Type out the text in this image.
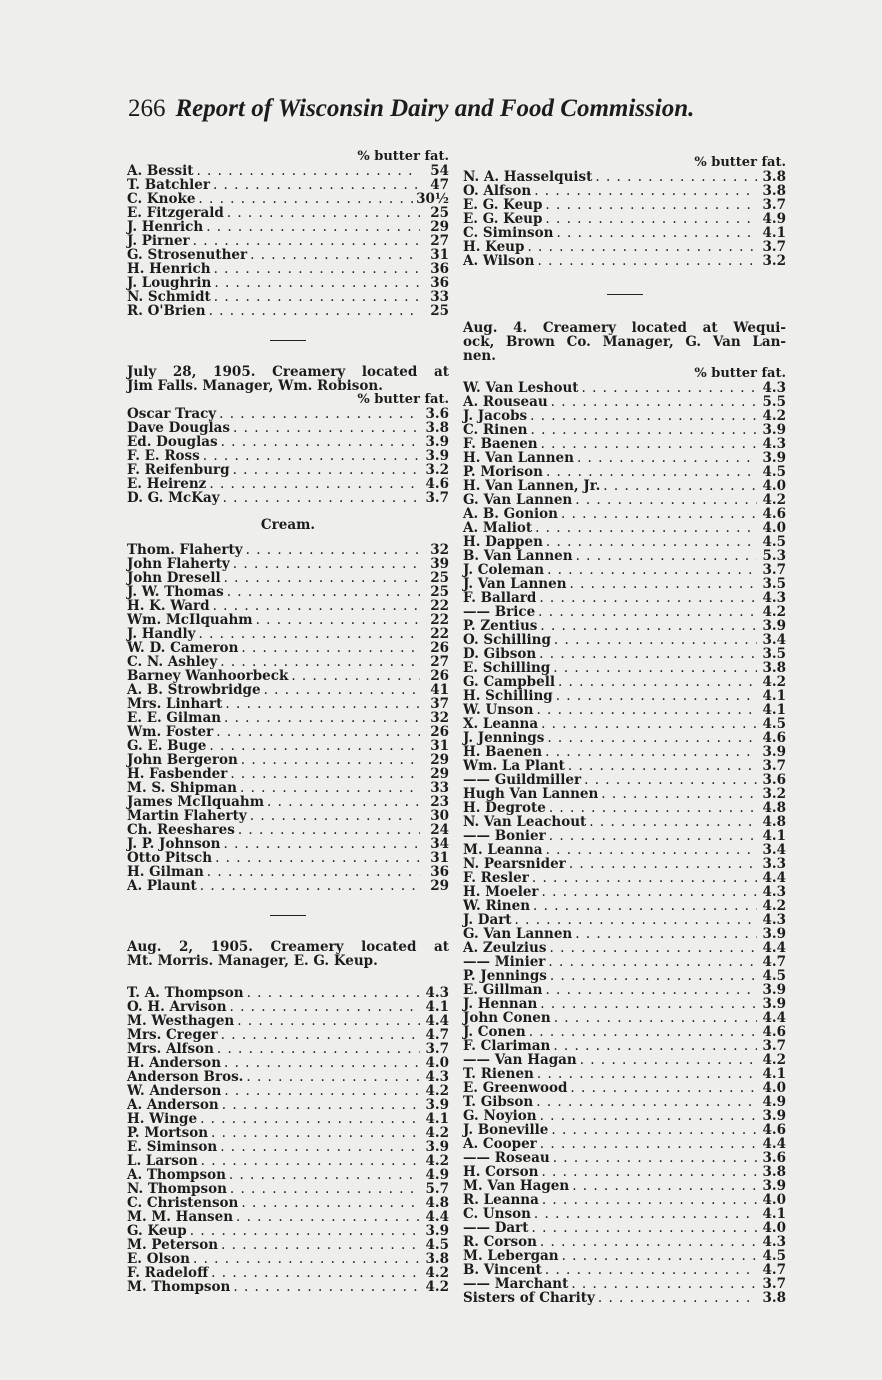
266 Report of Wisconsin Dairy and Food Commission.

% butter fat.

A. Bessit . . .	54
T. Batchler . . .	47
C. Knoke . . .	30½
E. Fitzgerald . . .	25
J. Henrich . . .	29
J. Pirner . . .	27
G. Strosenuther . . .	31
H. Henrich . . .	36
J. Loughrin . . .	36
N. Schmidt . . .	33
R. O'Brien . . .	25

July 28, 1905. Creamery located at

Jim Falls. Manager, Wm. Robison.

% butter fat.

Oscar Tracy . . .	3.6
Dave Douglas . . .	3.8
Ed. Douglas . . .	3.9
F. E. Ross . . .	3.9
F. Reifenburg . . .	3.2
E. Heirenz . . .	4.6
D. G. McKay . . .	3.7

Cream.

Thom. Flaherty . . .	32
John Flaherty . . .	39
John Dresell . . .	25
J. W. Thomas . . .	25
H. K. Ward . . .	22
Wm. McIlquahm . . .	22
J. Handly . . .	22
W. D. Cameron . . .	26
C. N. Ashley . . .	27
Barney Wanhoorbeck . . .	26
A. B. Strowbridge . . .	41
Mrs. Linhart . . .	37
E. E. Gilman . . .	32
Wm. Foster . . .	26
G. E. Buge . . .	31
John Bergeron . . .	29
H. Fasbender . . .	29
M. S. Shipman . . .	33
James McIlquahm . . .	23
Martin Flaherty . . .	30
Ch. Reeshares . . .	24
J. P. Johnson . . .	34
Otto Pitsch . . .	31
H. Gilman . . .	36
A. Plaunt . . .	29

Aug. 2, 1905. Creamery located at

Mt. Morris. Manager, E. G. Keup.

T. A. Thompson . . .	4.3
O. H. Arvison . . .	4.1
M. Westhagen . . .	4.4
Mrs. Creger . . .	4.7
Mrs. Alfson . . .	3.7
H. Anderson . . .	4.0
Anderson Bros. . . .	4.3
W. Anderson . . .	4.2
A. Anderson . . .	3.9
H. Winge . . .	4.1
P. Mortson . . .	4.2
E. Siminson . . .	3.9
L. Larson . . .	4.2
A. Thompson . . .	4.9
N. Thompson . . .	5.7
C. Christenson . . .	4.8
M. M. Hansen . . .	4.4
G. Keup . . .	3.9
M. Peterson . . .	4.5
E. Olson . . .	3.8
F. Radeloff . . .	4.2
M. Thompson . . .	4.2

% butter fat.

N. A. Hasselquist . . .	3.8
O. Alfson . . .	3.8
E. G. Keup . . .	3.7
E. G. Keup . . .	4.9
C. Siminson . . .	4.1
H. Keup . . .	3.7
A. Wilson . . .	3.2

Aug. 4. Creamery located at Wequi-

ock, Brown Co. Manager, G. Van Lan-

nen.

% butter fat.

W. Van Leshout . . .	4.3
A. Rouseau . . .	5.5
J. Jacobs . . .	4.2
C. Rinen . . .	3.9
F. Baenen . . .	4.3
H. Van Lannen . . .	3.9
P. Morison . . .	4.5
H. Van Lannen, Jr. . . .	4.0
G. Van Lannen . . .	4.2
A. B. Gonion . . .	4.6
A. Maliot . . .	4.0
H. Dappen . . .	4.5
B. Van Lannen . . .	5.3
J. Coleman . . .	3.7
J. Van Lannen . . .	3.5
F. Ballard . . .	4.3
—— Brice . . .	4.2
P. Zentius . . .	3.9
O. Schilling . . .	3.4
D. Gibson . . .	3.5
E. Schilling . . .	3.8
G. Campbell . . .	4.2
H. Schilling . . .	4.1
W. Unson . . .	4.1
X. Leanna . . .	4.5
J. Jennings . . .	4.6
H. Baenen . . .	3.9
Wm. La Plant . . .	3.7
—— Guildmiller . . .	3.6
Hugh Van Lannen . . .	3.2
H. Degrote . . .	4.8
N. Van Leachout . . .	4.8
—— Bonier . . .	4.1
M. Leanna . . .	3.4
N. Pearsnider . . .	3.3
F. Resler . . .	4.4
H. Moeler . . .	4.3
W. Rinen . . .	4.2
J. Dart . . .	4.3
G. Van Lannen . . .	3.9
A. Zeulzius . . .	4.4
—— Minier . . .	4.7
P. Jennings . . .	4.5
E. Gillman . . .	3.9
J. Hennan . . .	3.9
John Conen . . .	4.4
J. Conen . . .	4.6
F. Clariman . . .	3.7
—— Van Hagan . . .	4.2
T. Rienen . . .	4.1
E. Greenwood . . .	4.0
T. Gibson . . .	4.9
G. Noyion . . .	3.9
J. Boneville . . .	4.6
A. Cooper . . .	4.4
—— Roseau . . .	3.6
H. Corson . . .	3.8
M. Van Hagen . . .	3.9
R. Leanna . . .	4.0
C. Unson . . .	4.1
—— Dart . . .	4.0
R. Corson . . .	4.3
M. Lebergan . . .	4.5
B. Vincent . . .	4.7
—— Marchant . . .	3.7
Sisters of Charity . . .	3.8
